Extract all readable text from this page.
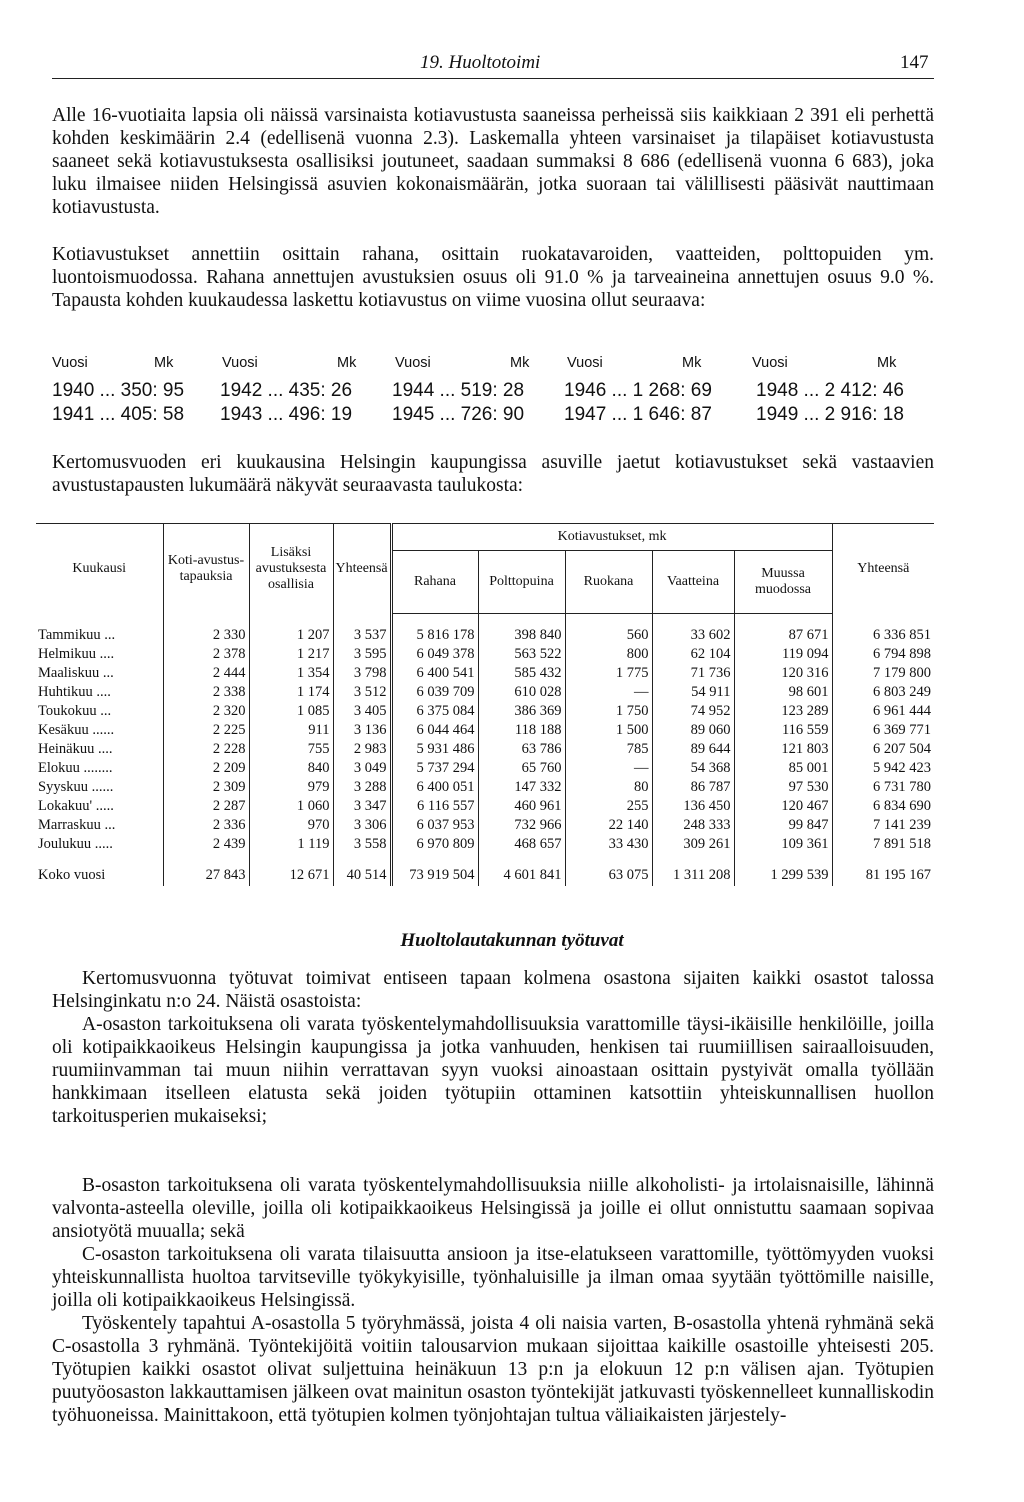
19. Huoltotoimi	147

Alle 16-vuotiaita lapsia oli näissä varsinaista kotiavustusta saaneissa perheissä siis kaikkiaan 2 391 eli perhettä kohden keskimäärin 2.4 (edellisenä vuonna 2.3). Laskemalla yhteen varsinaiset ja tilapäiset kotiavustusta saaneet sekä kotiavustuksesta osallisiksi joutuneet, saadaan summaksi 8 686 (edellisenä vuonna 6 683), joka luku ilmaisee niiden Helsingissä asuvien kokonaismäärän, jotka suoraan tai välillisesti pääsivät nauttimaan kotiavustusta.

Kotiavustukset annettiin osittain rahana, osittain ruokatavaroiden, vaatteiden, polttopuiden ym. luontoismuodossa. Rahana annettujen avustuksien osuus oli 91.0 % ja tarveaineina annettujen osuus 9.0 %. Tapausta kohden kuukaudessa laskettu kotiavustus on viime vuosina ollut seuraava:

Vuosi	Mk	Vuosi	Mk	Vuosi	Mk	Vuosi	Mk	Vuosi	Mk
1940 ... 350: 95 1942 ... 435: 26 1944 ... 519: 28 1946 ... 1 268: 69 1948 ... 2 412: 46
1941 ... 405: 58 1943 ... 496: 19 1945 ... 726: 90 1947 ... 1 646: 87 1949 ... 2 916: 18

Kertomusvuoden eri kuukausina Helsingin kaupungissa asuville jaetut kotiavustukset sekä vastaavien avustustapausten lukumäärä näkyvät seuraavasta taulukosta:

Kuukausi	Koti-avustus-tapauksia	Lisäksi avustuksesta osallisia	Yhteensä	Kotiavustukset, mk					Yhteensä
				Rahana	Polttopuina	Ruokana	Vaatteina	Muussa muodossa	

Tammikuu ...	2 330	1 207	3 537	5 816 178	398 840	560	33 602	87 671	6 336 851
Helmikuu ....	2 378	1 217	3 595	6 049 378	563 522	800	62 104	119 094	6 794 898
Maaliskuu ...	2 444	1 354	3 798	6 400 541	585 432	1 775	71 736	120 316	7 179 800
Huhtikuu ....	2 338	1 174	3 512	6 039 709	610 028	—	54 911	98 601	6 803 249
Toukokuu ...	2 320	1 085	3 405	6 375 084	386 369	1 750	74 952	123 289	6 961 444
Kesäkuu ......	2 225	911	3 136	6 044 464	118 188	1 500	89 060	116 559	6 369 771
Heinäkuu ....	2 228	755	2 983	5 931 486	63 786	785	89 644	121 803	6 207 504
Elokuu ........	2 209	840	3 049	5 737 294	65 760	—	54 368	85 001	5 942 423
Syyskuu ......	2 309	979	3 288	6 400 051	147 332	80	86 787	97 530	6 731 780
Lokakuu' .....	2 287	1 060	3 347	6 116 557	460 961	255	136 450	120 467	6 834 690
Marraskuu ...	2 336	970	3 306	6 037 953	732 966	22 140	248 333	99 847	7 141 239
Joulukuu .....	2 439	1 119	3 558	6 970 809	468 657	33 430	309 261	109 361	7 891 518

Koko vuosi	27 843	12 671	40 514	73 919 504	4 601 841	63 075	1 311 208	1 299 539	81 195 167
Huoltolautakunnan työtuvat

Kertomusvuonna työtuvat toimivat entiseen tapaan kolmena osastona sijaiten kaikki osastot talossa Helsinginkatu n:o 24. Näistä osastoista:

A-osaston tarkoituksena oli varata työskentelymahdollisuuksia varattomille täysi-ikäisille henkilöille, joilla oli kotipaikkaoikeus Helsingin kaupungissa ja jotka vanhuuden, henkisen tai ruumiillisen sairaalloisuuden, ruumiinvamman tai muun niihin verrattavan syyn vuoksi ainoastaan osittain pystyivät omalla työllään hankkimaan itselleen elatusta sekä joiden työtupiin ottaminen katsottiin yhteiskunnallisen huollon tarkoitusperien mukaiseksi;

B-osaston tarkoituksena oli varata työskentelymahdollisuuksia niille alkoholisti- ja irtolaisnaisille, lähinnä valvonta-asteella oleville, joilla oli kotipaikkaoikeus Helsingissä ja joille ei ollut onnistuttu saamaan sopivaa ansiotyötä muualla; sekä

C-osaston tarkoituksena oli varata tilaisuutta ansioon ja itse-elatukseen varattomille, työttömyyden vuoksi yhteiskunnallista huoltoa tarvitseville työkykyisille, työnhaluisille ja ilman omaa syytään työttömille naisille, joilla oli kotipaikkaoikeus Helsingissä.

Työskentely tapahtui A-osastolla 5 työryhmässä, joista 4 oli naisia varten, B-osastolla yhtenä ryhmänä sekä C-osastolla 3 ryhmänä. Työntekijöitä voitiin talousarvion mukaan sijoittaa kaikille osastoille yhteisesti 205. Työtupien kaikki osastot olivat suljettuina heinäkuun 13 p:n ja elokuun 12 p:n välisen ajan. Työtupien puutyöosaston lakkauttamisen jälkeen ovat mainitun osaston työntekijät jatkuvasti työskennelleet kunnalliskodin työhuoneissa. Mainittakoon, että työtupien kolmen työnjohtajan tultua väliaikaisten järjestely-
